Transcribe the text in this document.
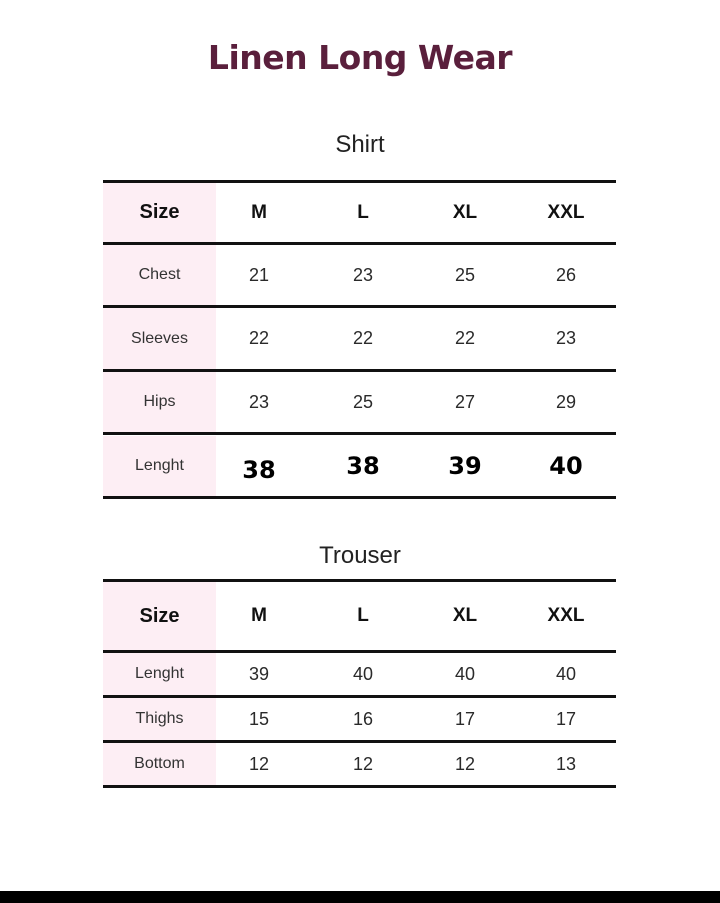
Linen Long Wear
Shirt
Size	M	L	XL	XXL
Chest	21	23	25	26
Sleeves	22	22	22	23
Hips	23	25	27	29
Lenght	38	38	39	40
Trouser
Size	M	L	XL	XXL
Lenght	39	40	40	40
Thighs	15	16	17	17
Bottom	12	12	12	13
